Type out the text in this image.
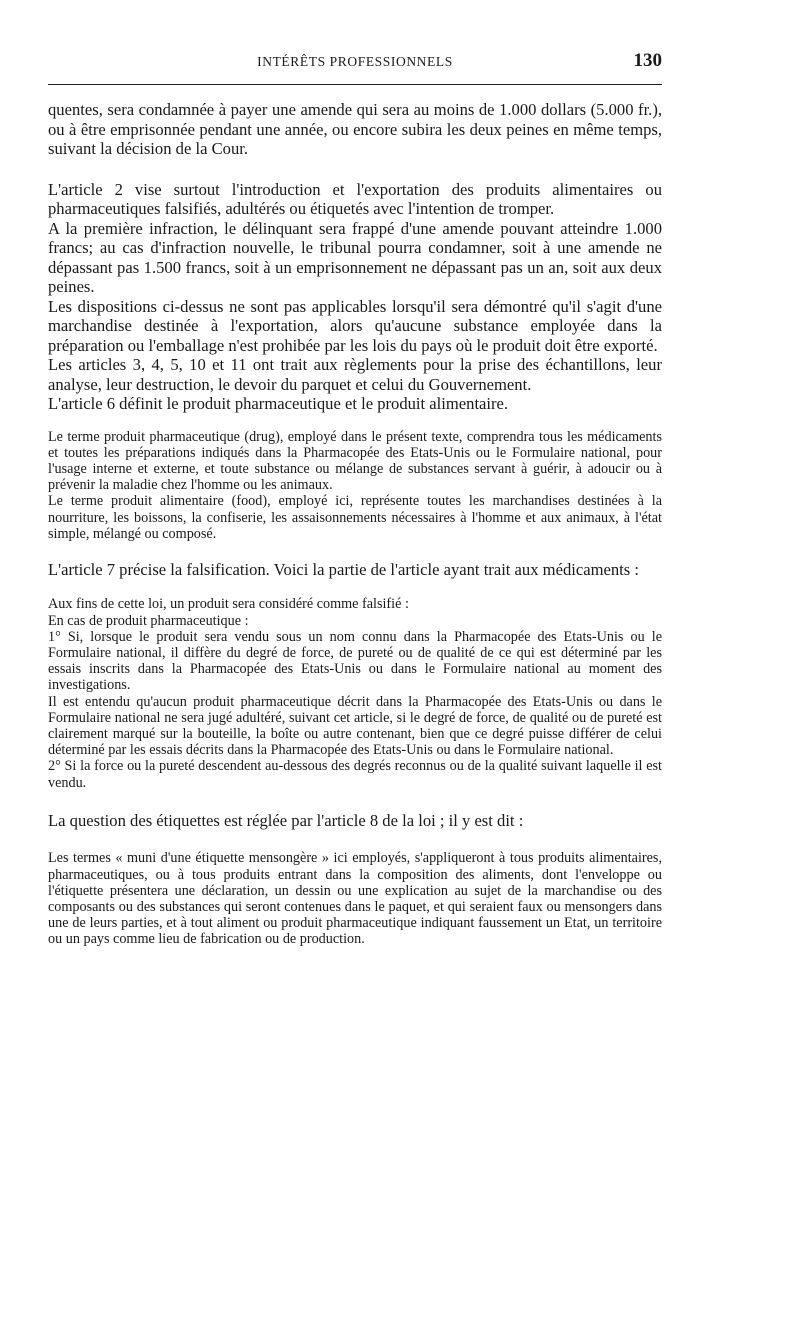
INTÉRÊTS PROFESSIONNELS	130

quentes, sera condamnée à payer une amende qui sera au moins de 1.000 dollars (5.000 fr.), ou à être emprisonnée pendant une année, ou encore subira les deux peines en même temps, suivant la décision de la Cour.

L'article 2 vise surtout l'introduction et l'exportation des produits alimentaires ou pharmaceutiques falsifiés, adultérés ou étiquetés avec l'intention de tromper.

A la première infraction, le délinquant sera frappé d'une amende pouvant atteindre 1.000 francs; au cas d'infraction nouvelle, le tribunal pourra condamner, soit à une amende ne dépassant pas 1.500 francs, soit à un emprisonnement ne dépassant pas un an, soit aux deux peines.

Les dispositions ci-dessus ne sont pas applicables lorsqu'il sera démontré qu'il s'agit d'une marchandise destinée à l'exportation, alors qu'aucune substance employée dans la préparation ou l'emballage n'est prohibée par les lois du pays où le produit doit être exporté.

Les articles 3, 4, 5, 10 et 11 ont trait aux règlements pour la prise des échantillons, leur analyse, leur destruction, le devoir du parquet et celui du Gouvernement.

L'article 6 définit le produit pharmaceutique et le produit alimentaire.

Le terme produit pharmaceutique (drug), employé dans le présent texte, comprendra tous les médicaments et toutes les préparations indiqués dans la Pharmacopée des Etats-Unis ou le Formulaire national, pour l'usage interne et externe, et toute substance ou mélange de substances servant à guérir, à adoucir ou à prévenir la maladie chez l'homme ou les animaux.

Le terme produit alimentaire (food), employé ici, représente toutes les marchandises destinées à la nourriture, les boissons, la confiserie, les assaisonnements nécessaires à l'homme et aux animaux, à l'état simple, mélangé ou composé.

L'article 7 précise la falsification. Voici la partie de l'article ayant trait aux médicaments :

Aux fins de cette loi, un produit sera considéré comme falsifié :

En cas de produit pharmaceutique :

1° Si, lorsque le produit sera vendu sous un nom connu dans la Pharmacopée des Etats-Unis ou le Formulaire national, il diffère du degré de force, de pureté ou de qualité de ce qui est déterminé par les essais inscrits dans la Pharmacopée des Etats-Unis ou dans le Formulaire national au moment des investigations.

Il est entendu qu'aucun produit pharmaceutique décrit dans la Pharmacopée des Etats-Unis ou dans le Formulaire national ne sera jugé adultéré, suivant cet article, si le degré de force, de qualité ou de pureté est clairement marqué sur la bouteille, la boîte ou autre contenant, bien que ce degré puisse différer de celui déterminé par les essais décrits dans la Pharmacopée des Etats-Unis ou dans le Formulaire national.

2° Si la force ou la pureté descendent au-dessous des degrés reconnus ou de la qualité suivant laquelle il est vendu.

La question des étiquettes est réglée par l'article 8 de la loi ; il y est dit :

Les termes « muni d'une étiquette mensongère » ici employés, s'appliqueront à tous produits alimentaires, pharmaceutiques, ou à tous produits entrant dans la composition des aliments, dont l'enveloppe ou l'étiquette présentera une déclaration, un dessin ou une explication au sujet de la marchandise ou des composants ou des substances qui seront contenues dans le paquet, et qui seraient faux ou mensongers dans une de leurs parties, et à tout aliment ou produit pharmaceutique indiquant faussement un Etat, un territoire ou un pays comme lieu de fabrication ou de production.
